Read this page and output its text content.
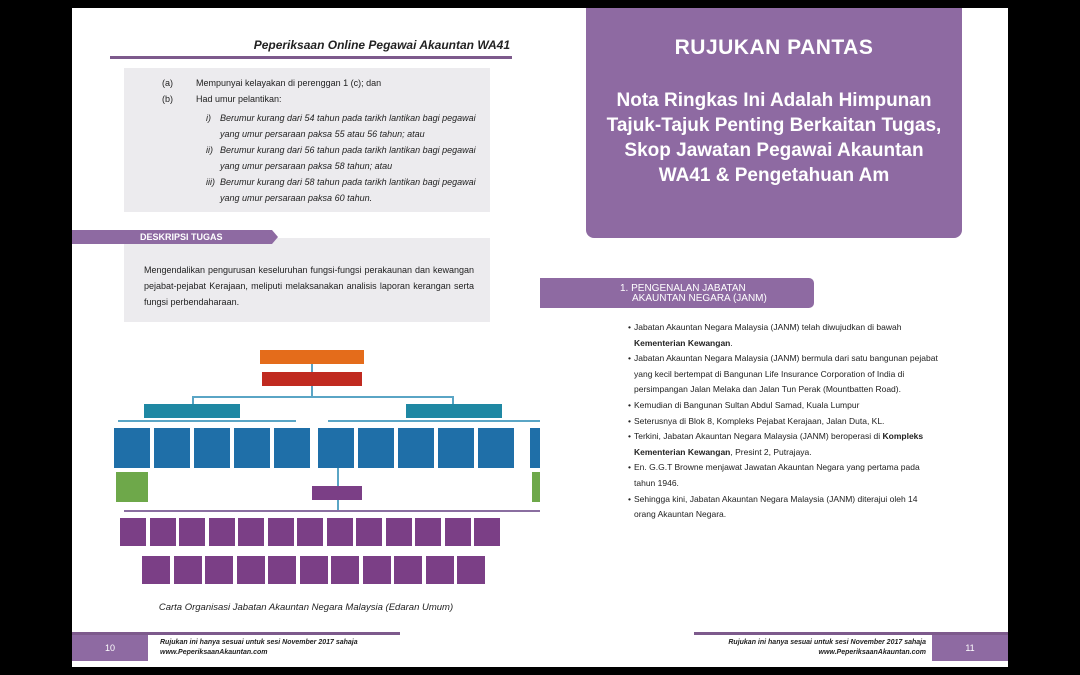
Peperiksaan Online Pegawai Akauntan WA41
(a)	Mempunyai kelayakan di perenggan 1 (c); dan
(b)	Had umur pelantikan:
i) Berumur kurang dari 54 tahun pada tarikh lantikan bagi pegawai yang umur persaraan paksa 55 atau 56 tahun; atau
ii) Berumur kurang dari 56 tahun pada tarikh lantikan bagi pegawai yang umur persaraan paksa 58 tahun; atau
iii) Berumur kurang dari 58 tahun pada tarikh lantikan bagi pegawai yang umur persaraan paksa 60 tahun.
Mengendalikan pengurusan keseluruhan fungsi-fungsi perakaunan dan kewangan pejabat-pejabat Kerajaan, meliputi melaksanakan analisis laporan kerangan serta fungsi perbendaharaan.
DESKRIPSI TUGAS
Carta Organisasi Jabatan Akauntan Negara Malaysia (Edaran Umum)
10
Rujukan ini hanya sesuai untuk sesi November 2017 sahaja
www.PeperiksaanAkauntan.com
RUJUKAN PANTAS
Nota Ringkas Ini Adalah Himpunan Tajuk-Tajuk Penting Berkaitan Tugas, Skop Jawatan Pegawai Akauntan WA41 & Pengetahuan Am
1. PENGENALAN JABATAN
AKAUNTAN NEGARA (JANM)
• Jabatan Akauntan Negara Malaysia (JANM) telah diwujudkan di bawah Kementerian Kewangan.
• Jabatan Akauntan Negara Malaysia (JANM) bermula dari satu bangunan pejabat yang kecil bertempat di Bangunan Life Insurance Corporation of India di persimpangan Jalan Melaka dan Jalan Tun Perak (Mountbatten Road).
• Kemudian di Bangunan Sultan Abdul Samad, Kuala Lumpur
• Seterusnya di Blok 8, Kompleks Pejabat Kerajaan, Jalan Duta, KL.
• Terkini, Jabatan Akauntan Negara Malaysia (JANM) beroperasi di Kompleks Kementerian Kewangan, Presint 2, Putrajaya.
• En. G.G.T Browne menjawat Jawatan Akauntan Negara yang pertama pada tahun 1946.
• Sehingga kini, Jabatan Akauntan Negara Malaysia (JANM) diterajui oleh 14 orang Akauntan Negara.
11
Rujukan ini hanya sesuai untuk sesi November 2017 sahaja
www.PeperiksaanAkauntan.com
